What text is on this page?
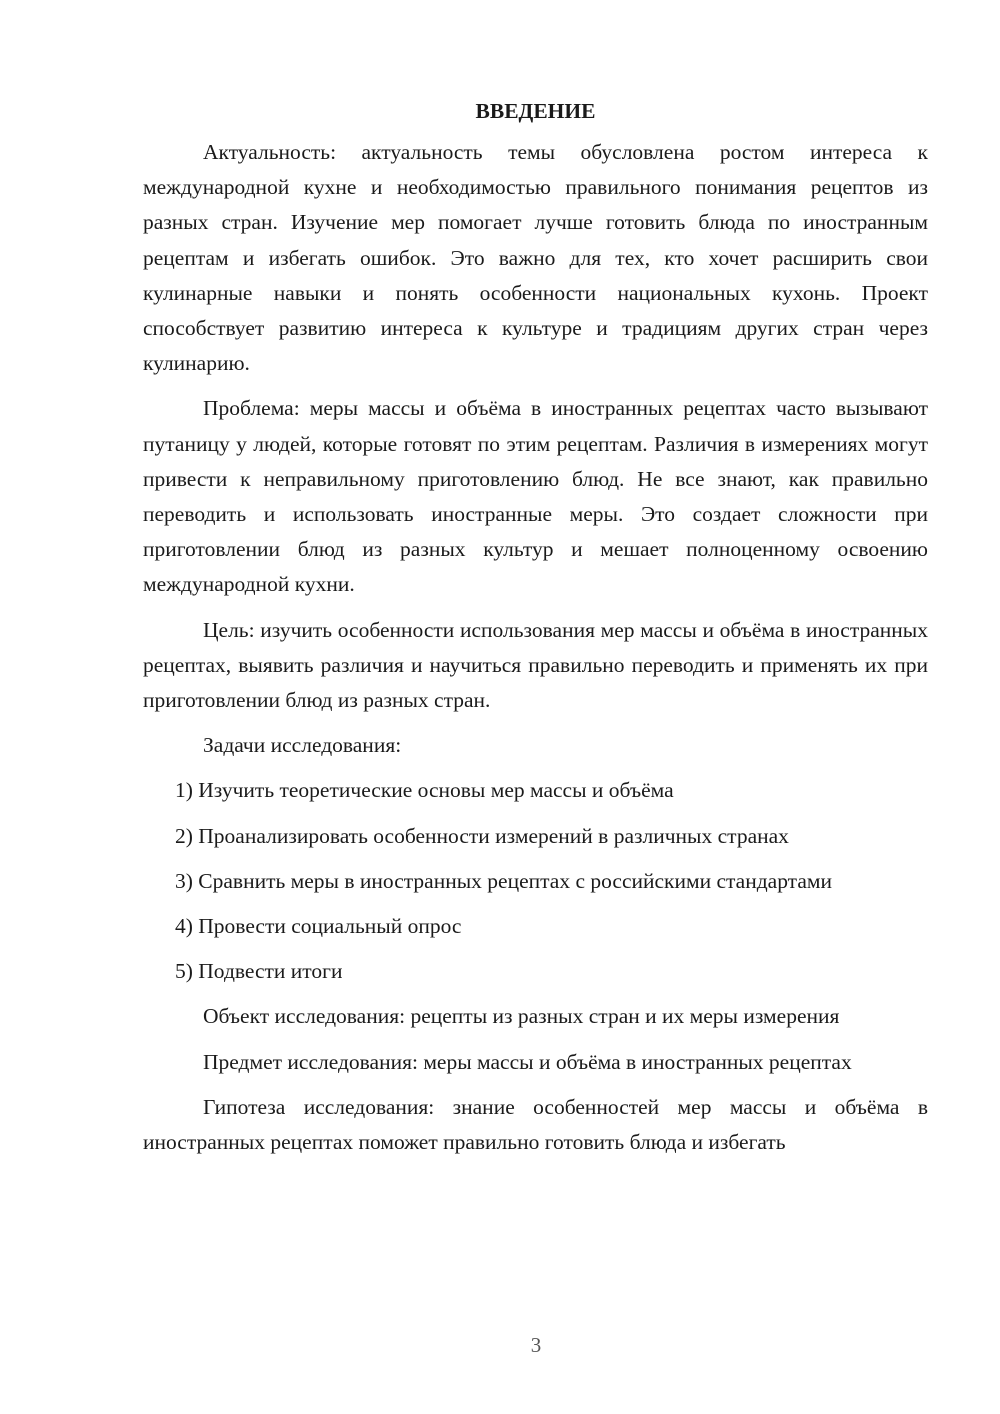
ВВЕДЕНИЕ

Актуальность: актуальность темы обусловлена ростом интереса к международной кухне и необходимостью правильного понимания рецептов из разных стран. Изучение мер помогает лучше готовить блюда по иностранным рецептам и избегать ошибок. Это важно для тех, кто хочет расширить свои кулинарные навыки и понять особенности национальных кухонь. Проект способствует развитию интереса к культуре и традициям других стран через кулинарию.

Проблема: меры массы и объёма в иностранных рецептах часто вызывают путаницу у людей, которые готовят по этим рецептам. Различия в измерениях могут привести к неправильному приготовлению блюд. Не все знают, как правильно переводить и использовать иностранные меры. Это создает сложности при приготовлении блюд из разных культур и мешает полноценному освоению международной кухни.

Цель: изучить особенности использования мер массы и объёма в иностранных рецептах, выявить различия и научиться правильно переводить и применять их при приготовлении блюд из разных стран.

Задачи исследования:

1) Изучить теоретические основы мер массы и объёма

2) Проанализировать особенности измерений в различных странах

3) Сравнить меры в иностранных рецептах с российскими стандартами

4) Провести социальный опрос

5) Подвести итоги

Объект исследования: рецепты из разных стран и их меры измерения

Предмет исследования: меры массы и объёма в иностранных рецептах

Гипотеза исследования: знание особенностей мер массы и объёма в иностранных рецептах поможет правильно готовить блюда и избегать

3
